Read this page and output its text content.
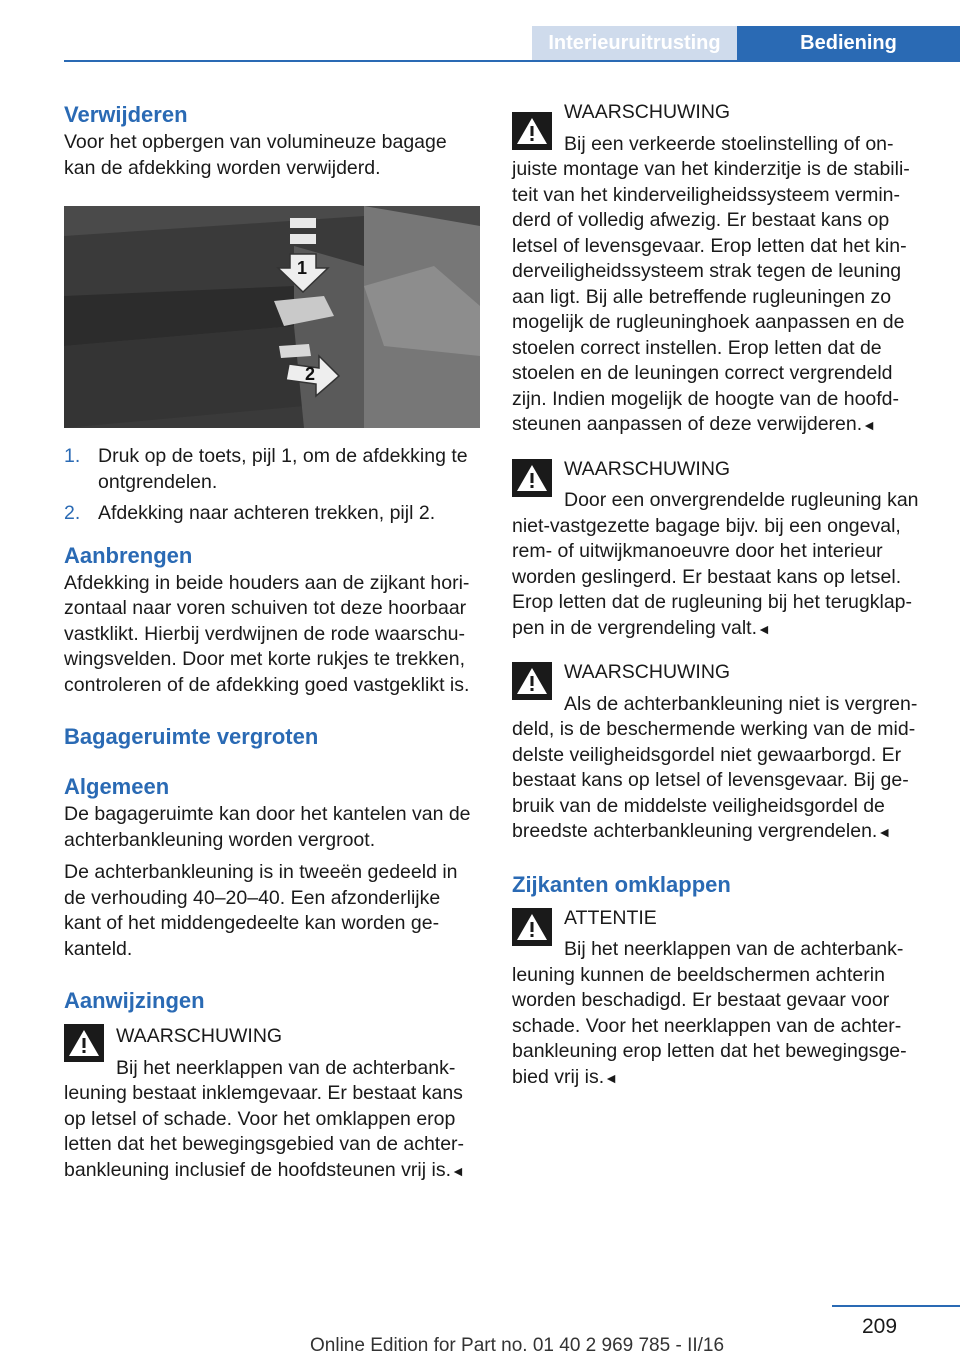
Interieuruitrusting	Bediening
Verwijderen

Voor het opbergen van volumineuze bagage kan de afdekking worden verwijderd.

1
2
1. Druk op de toets, pijl 1, om de afdekking te ontgrendelen.
2. Afdekking naar achteren trekken, pijl 2.
Aanbrengen

Afdekking in beide houders aan de zijkant hori-zontaal naar voren schuiven tot deze hoorbaar vastklikt. Hierbij verdwijnen de rode waarschu-wingsvelden. Door met korte rukjes te trekken, controleren of de afdekking goed vastgeklikt is.

Bagageruimte vergroten
Algemeen

De bagageruimte kan door het kantelen van de achterbankleuning worden vergroot.

De achterbankleuning is in tweeën gedeeld in de verhouding 40–20–40. Een afzonderlijke kant of het middengedeelte kan worden ge-kanteld.

Aanwijzingen
WAARSCHUWING
Bij het neerklappen van de achterbank-
leuning bestaat inklemgevaar. Er bestaat kans op letsel of schade. Voor het omklappen erop letten dat het bewegingsgebied van de achter-bankleuning inclusief de hoofdsteunen vrij is.◄
WAARSCHUWING
Bij een verkeerde stoelinstelling of on-
juiste montage van het kinderzitje is de stabili-teit van het kinderveiligheidssysteem vermin-derd of volledig afwezig. Er bestaat kans op letsel of levensgevaar. Erop letten dat het kin-derveiligheidssysteem strak tegen de leuning aan ligt. Bij alle betreffende rugleuningen zo mogelijk de rugleuninghoek aanpassen en de stoelen correct instellen. Erop letten dat de stoelen en de leuningen correct vergrendeld zijn. Indien mogelijk de hoogte van de hoofd-steunen aanpassen of deze verwijderen.◄
WAARSCHUWING
Door een onvergrendelde rugleuning kan
niet-vastgezette bagage bijv. bij een ongeval, rem- of uitwijkmanoeuvre door het interieur worden geslingerd. Er bestaat kans op letsel. Erop letten dat de rugleuning bij het terugklap-pen in de vergrendeling valt.◄
WAARSCHUWING
Als de achterbankleuning niet is vergren-
deld, is de beschermende werking van de mid-delste veiligheidsgordel niet gewaarborgd. Er bestaat kans op letsel of levensgevaar. Bij ge-bruik van de middelste veiligheidsgordel de breedste achterbankleuning vergrendelen.◄
Zijkanten omklappen
ATTENTIE
Bij het neerklappen van de achterbank-
leuning kunnen de beeldschermen achterin worden beschadigd. Er bestaat gevaar voor schade. Voor het neerklappen van de achter-bankleuning erop letten dat het bewegingsge-bied vrij is.◄
209
Online Edition for Part no. 01 40 2 969 785 - II/16
